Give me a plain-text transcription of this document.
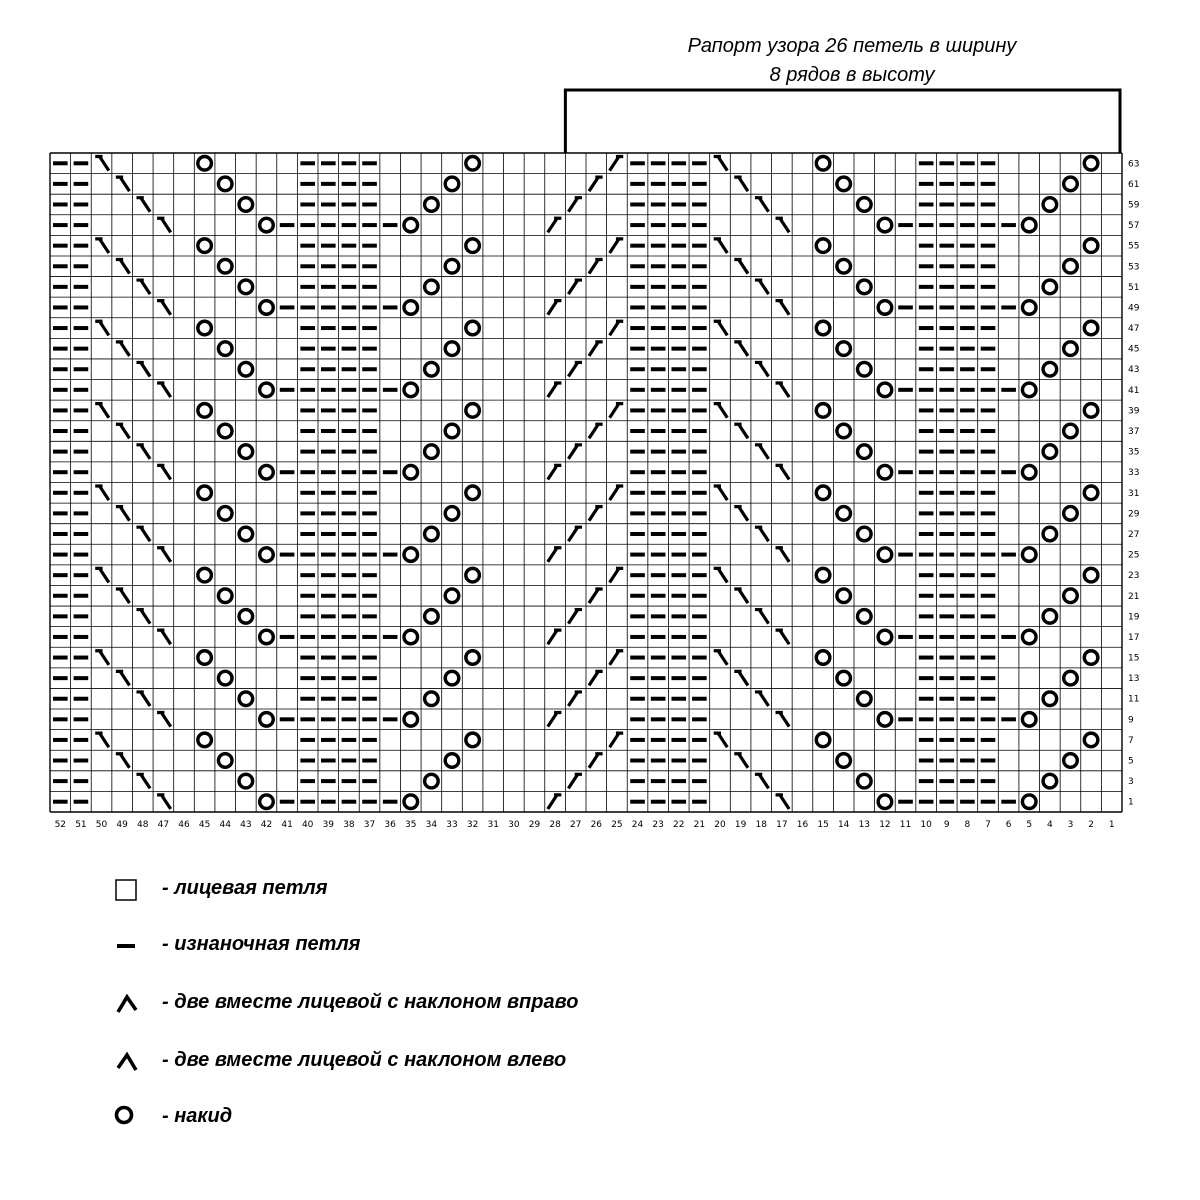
Рапорт узора 26 петель в ширину
8 рядов в высоту
52 51 50 49 48 47 46 45 44 43 42 41 40 39 38 37 36 35 34 33 32 31 30 29 28 27 26 25 24 23 22 21 20 19 18 17 16 15 14 13 12 11 10 9 8 7 6 5 4 3 2 1
63
61
59
57
55
53
51
49
47
45
43
41
39
37
35
33
31
29
27
25
23
21
19
17
15
13
11
9
7
5
3
1
- лицевая петля
- изнаночная петля
- две вместе лицевой с наклоном вправо
- две вместе лицевой с наклоном влево
- накид
